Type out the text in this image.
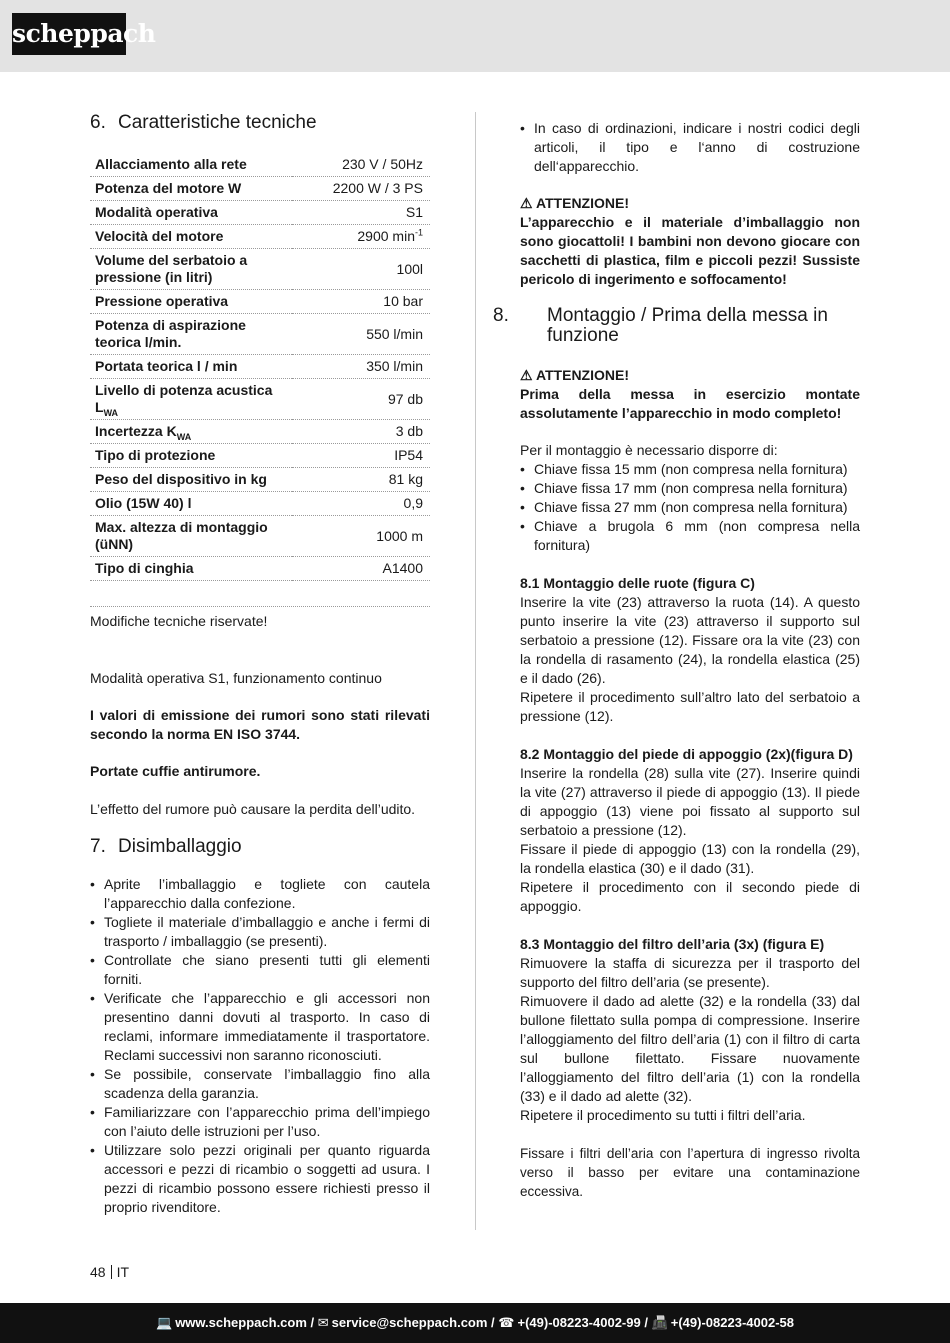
scheppach
6. Caratteristiche tecniche
Allacciamento alla rete	230 V / 50Hz
Potenza del motore W	2200 W / 3 PS
Modalità operativa	S1
Velocità del motore	2900 $\min^{-1}$
Volume del serbatoio a pressione (in litri)	100l
Pressione operativa	10 bar
Potenza di aspirazione teorica l/min.	550 l/min
Portata teorica l / min	350 l/min
Livello di potenza acustica $L_{WA}$	97 db
Incertezza $K_{WA}$	3 db
Tipo di protezione	IP54
Peso del dispositivo in kg	81 kg
Olio (15W 40) l	0,9
Max. altezza di montaggio (üNN)	1000 m
Tipo di cinghia	A1400

Modifiche tecniche riservate!

Modalità operativa S1, funzionamento continuo

I valori di emissione dei rumori sono stati rilevati secondo la norma EN ISO 3744.

Portate cuffie antirumore.

L’effetto del rumore può causare la perdita dell’udito.

7. Disimballaggio
• Aprite l’imballaggio e togliete con cautela l’apparecchio dalla confezione.
• Togliete il materiale d’imballaggio e anche i fermi di trasporto / imballaggio (se presenti).
• Controllate che siano presenti tutti gli elementi forniti.
• Verificate che l’apparecchio e gli accessori non presentino danni dovuti al trasporto. In caso di reclami, informare immediatamente il trasportatore. Reclami successivi non saranno riconosciuti.
• Se possibile, conservate l’imballaggio fino alla scadenza della garanzia.
• Familiarizzare con l’apparecchio prima dell’impiego con l’aiuto delle istruzioni per l’uso.
• Utilizzare solo pezzi originali per quanto riguarda accessori e pezzi di ricambio o soggetti ad usura. I pezzi di ricambio possono essere richiesti presso il proprio rivenditore.
• In caso di ordinazioni, indicare i nostri codici degli articoli, il tipo e l‘anno di costruzione dell‘apparecchio.

⚠ ATTENZIONE!

L’apparecchio e il materiale d’imballaggio non sono giocattoli! I bambini non devono giocare con sacchetti di plastica, film e piccoli pezzi! Sussiste pericolo di ingerimento e soffocamento!

8. Montaggio / Prima della messa in funzione

⚠ ATTENZIONE!

Prima della messa in esercizio montate assolutamente l’apparecchio in modo completo!

Per il montaggio è necessario disporre di:

• Chiave fissa 15 mm (non compresa nella fornitura)
• Chiave fissa 17 mm (non compresa nella fornitura)
• Chiave fissa 27 mm (non compresa nella fornitura)
• Chiave a brugola 6 mm (non compresa nella fornitura)

8.1 Montaggio delle ruote (figura C)

Inserire la vite (23) attraverso la ruota (14). A questo punto inserire la vite (23) attraverso il supporto sul serbatoio a pressione (12). Fissare ora la vite (23) con la rondella di rasamento (24), la rondella elastica (25) e il dado (26).

Ripetere il procedimento sull’altro lato del serbatoio a pressione (12).

8.2 Montaggio del piede di appoggio (2x)(figura D)

Inserire la rondella (28) sulla vite (27). Inserire quindi la vite (27) attraverso il piede di appoggio (13). Il piede di appoggio (13) viene poi fissato al supporto sul serbatoio a pressione (12).

Fissare il piede di appoggio (13) con la rondella (29), la rondella elastica (30) e il dado (31).

Ripetere il procedimento con il secondo piede di appoggio.

8.3 Montaggio del filtro dell’aria (3x) (figura E)

Rimuovere la staffa di sicurezza per il trasporto del supporto del filtro dell’aria (se presente).

Rimuovere il dado ad alette (32) e la rondella (33) dal bullone filettato sulla pompa di compressione. Inserire l’alloggiamento del filtro dell’aria (1) con il filtro di carta sul bullone filettato. Fissare nuovamente l’alloggiamento del filtro dell’aria (1) con la rondella (33) e il dado ad alette (32).

Ripetere il procedimento su tutti i filtri dell’aria.

Fissare i filtri dell’aria con l’apertura di ingresso rivolta verso il basso per evitare una contaminazione eccessiva.

48 IT
💻 www.scheppach.com / ✉ service@scheppach.com / ☎ +(49)-08223-4002-99 / 📠 +(49)-08223-4002-58
